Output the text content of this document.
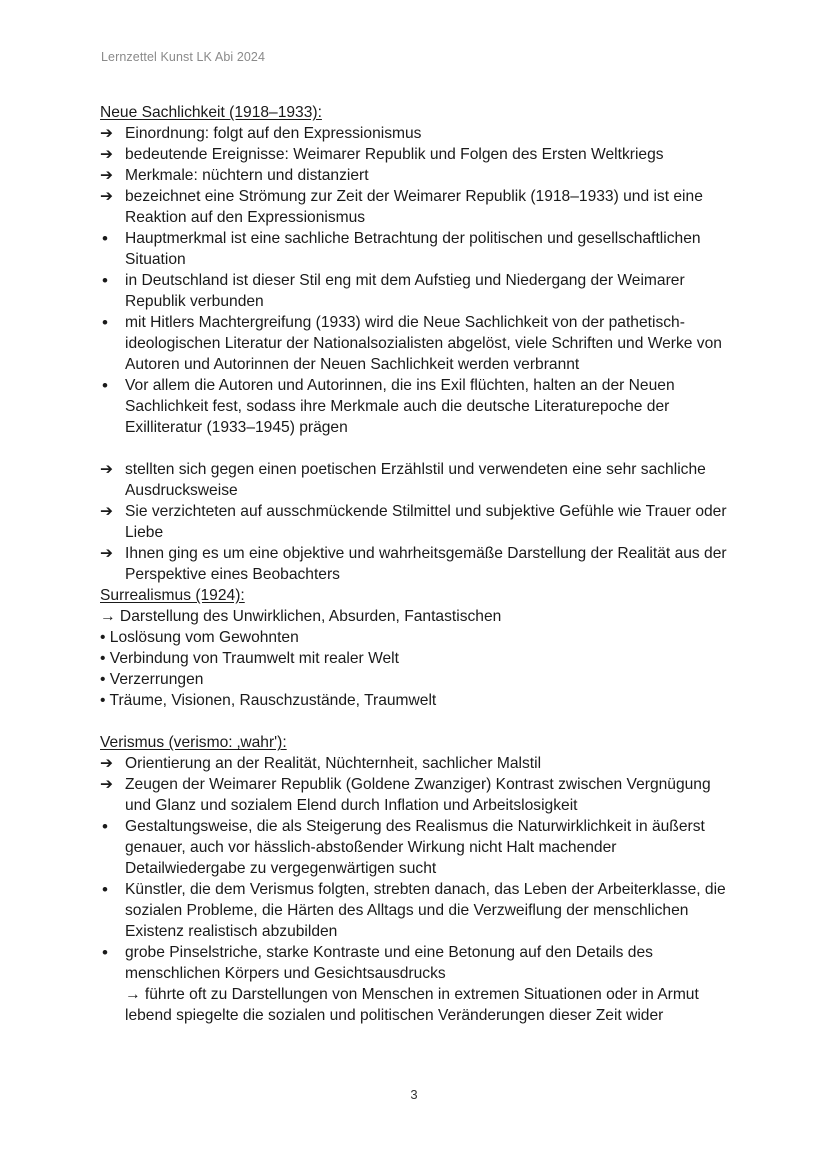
Lernzettel Kunst LK Abi 2024
Neue Sachlichkeit (1918–1933):
➔ Einordnung: folgt auf den Expressionismus
➔ bedeutende Ereignisse: Weimarer Republik und Folgen des Ersten Weltkriegs
➔ Merkmale: nüchtern und distanziert
➔ bezeichnet eine Strömung zur Zeit der Weimarer Republik (1918–1933) und ist eine Reaktion auf den Expressionismus
•	Hauptmerkmal ist eine sachliche Betrachtung der politischen und gesellschaftlichen Situation
•	in Deutschland ist dieser Stil eng mit dem Aufstieg und Niedergang der Weimarer Republik verbunden
•	mit Hitlers Machtergreifung (1933) wird die Neue Sachlichkeit von der pathetisch-ideologischen Literatur der Nationalsozialisten abgelöst, viele Schriften und Werke von Autoren und Autorinnen der Neuen Sachlichkeit werden verbrannt
•	Vor allem die Autoren und Autorinnen, die ins Exil flüchten, halten an der Neuen Sachlichkeit fest, sodass ihre Merkmale auch die deutsche Literaturepoche der Exilliteratur (1933–1945) prägen
➔ stellten sich gegen einen poetischen Erzählstil und verwendeten eine sehr sachliche Ausdrucksweise
➔ Sie verzichteten auf ausschmückende Stilmittel und subjektive Gefühle wie Trauer oder Liebe
➔ Ihnen ging es um eine objektive und wahrheitsgemäße Darstellung der Realität aus der Perspektive eines Beobachters
Surrealismus (1924):
→ Darstellung des Unwirklichen, Absurden, Fantastischen
• Loslösung vom Gewohnten
• Verbindung von Traumwelt mit realer Welt
• Verzerrungen
• Träume, Visionen, Rauschzustände, Traumwelt
Verismus (verismo: ‚wahr'):
➔ Orientierung an der Realität, Nüchternheit, sachlicher Malstil
➔ Zeugen der Weimarer Republik (Goldene Zwanziger) Kontrast zwischen Vergnügung und Glanz und sozialem Elend durch Inflation und Arbeitslosigkeit
•	Gestaltungsweise, die als Steigerung des Realismus die Naturwirklichkeit in äußerst genauer, auch vor hässlich-abstoßender Wirkung nicht Halt machender Detailwiedergabe zu vergegenwärtigen sucht
•	Künstler, die dem Verismus folgten, strebten danach, das Leben der Arbeiterklasse, die sozialen Probleme, die Härten des Alltags und die Verzweiflung der menschlichen Existenz realistisch abzubilden
•	grobe Pinselstriche, starke Kontraste und eine Betonung auf den Details des menschlichen Körpers und Gesichtsausdrucks
→ führte oft zu Darstellungen von Menschen in extremen Situationen oder in Armut lebend spiegelte die sozialen und politischen Veränderungen dieser Zeit wider
3
